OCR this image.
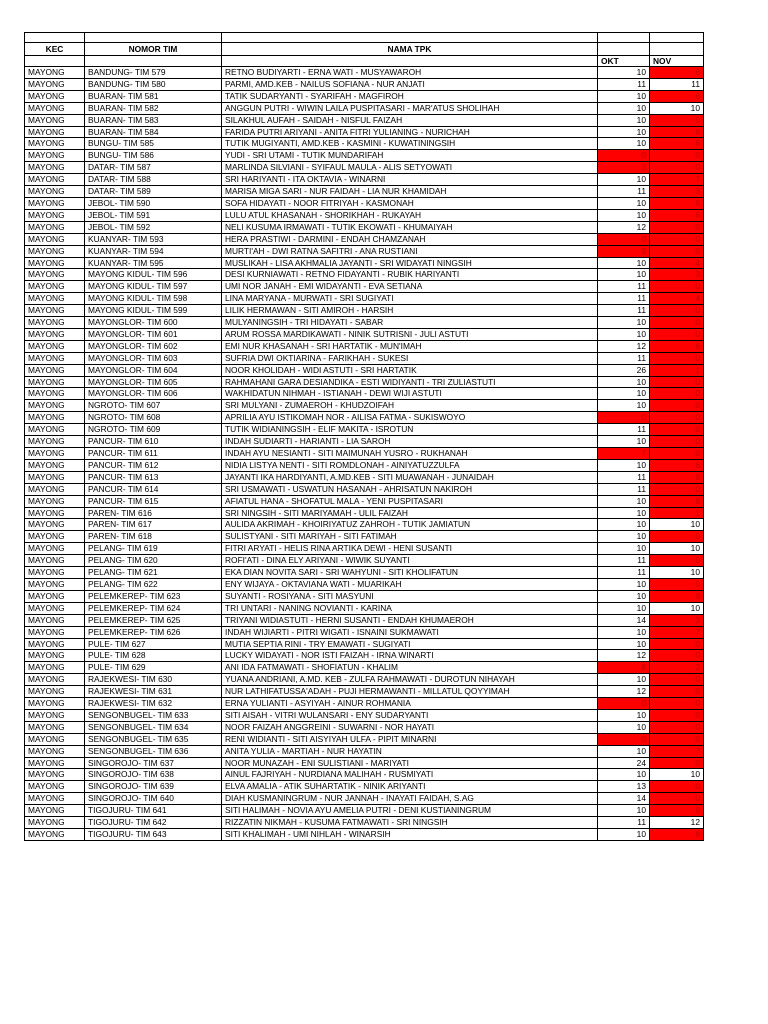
KEC	NOMOR TIM	NAMA TPK		
			OKT	NOV
MAYONG	BANDUNG- TIM 579	RETNO BUDIYARTI - ERNA WATI - MUSYAWAROH	10	6
MAYONG	BANDUNG- TIM 580	PARMI, AMD.KEB - NAILUS SOFIANA - NUR ANJATI	11	11
MAYONG	BUARAN- TIM 581	TATIK SUDARYANTI - SYARIFAH - MAGFIROH	10	6
MAYONG	BUARAN- TIM 582	ANGGUN PUTRI - WIWIN LAILA PUSPITASARI - MAR'ATUS SHOLIHAH	10	10
MAYONG	BUARAN- TIM 583	SILAKHUL AUFAH - SAIDAH - NISFUL FAIZAH	10	0
MAYONG	BUARAN- TIM 584	FARIDA PUTRI ARIYANI - ANITA FITRI YULIANING - NURICHAH	10	6
MAYONG	BUNGU- TIM 585	TUTIK MUGIYANTI, AMD.KEB - KASMINI - KUWATININGSIH	10	6
MAYONG	BUNGU- TIM 586	YUDI - SRI UTAMI - TUTIK MUNDARIFAH	0	0
MAYONG	DATAR- TIM 587	MARLINDA SILVIANI - SYIFAUL MAULA - ALIS SETYOWATI	3	0
MAYONG	DATAR- TIM 588	SRI HARIYANTI - ITA OKTAVIA - WINARNI	10	7
MAYONG	DATAR- TIM 589	MARISA MIGA SARI - NUR FAIDAH - LIA NUR KHAMIDAH	11	3
MAYONG	JEBOL- TIM 590	SOFA HIDAYATI - NOOR FITRIYAH - KASMONAH	10	6
MAYONG	JEBOL- TIM 591	LULU ATUL KHASANAH - SHORIKHAH - RUKAYAH	10	6
MAYONG	JEBOL- TIM 592	NELI KUSUMA IRMAWATI - TUTIK EKOWATI - KHUMAIYAH	12	0
MAYONG	KUANYAR- TIM 593	HERA PRASTIWI - DARMINI - ENDAH CHAMZANAH	0	0
MAYONG	KUANYAR- TIM 594	MURTI'AH - DWI RATNA SAFITRI - ANA RUSTIANI	9	0
MAYONG	KUANYAR- TIM 595	MUSLIKAH - LISA AKHMALIA JAYANTI - SRI WIDAYATI NINGSIH	10	4
MAYONG	MAYONG KIDUL- TIM 596	DESI KURNIAWATI - RETNO FIDAYANTI - RUBIK HARIYANTI	10	3
MAYONG	MAYONG KIDUL- TIM 597	UMI NOR JANAH - EMI WIDAYANTI - EVA SETIANA	11	0
MAYONG	MAYONG KIDUL- TIM 598	LINA MARYANA - MURWATI - SRI SUGIYATI	11	4
MAYONG	MAYONG KIDUL- TIM 599	LILIK HERMAWAN - SITI AMIROH - HARSIH	11	0
MAYONG	MAYONGLOR- TIM 600	MULYANINGSIH - TRI HIDAYATI - SABAR	10	0
MAYONG	MAYONGLOR- TIM 601	ARUM ROSSA MARDIKAWATI - NINIK SUTRISNI - JULI ASTUTI	10	0
MAYONG	MAYONGLOR- TIM 602	EMI NUR KHASANAH - SRI HARTATIK - MUN'IMAH	12	6
MAYONG	MAYONGLOR- TIM 603	SUFRIA DWI OKTIARINA - FARIKHAH - SUKESI	11	0
MAYONG	MAYONGLOR- TIM 604	NOOR KHOLIDAH - WIDI ASTUTI - SRI HARTATIK	26	1
MAYONG	MAYONGLOR- TIM 605	RAHMAHANI GARA DESIANDIKA - ESTI WIDIYANTI - TRI ZULIASTUTI	10	0
MAYONG	MAYONGLOR- TIM 606	WAKHIDATUN NIHMAH - ISTIANAH - DEWI WIJI ASTUTI	10	0
MAYONG	NGROTO- TIM 607	SRI MULYANI - ZUMAEROH - KHUDZOIFAH	10	0
MAYONG	NGROTO- TIM 608	APRILIA AYU ISTIKOMAH NOR - AILISA FATMA - SUKISWOYO	0	0
MAYONG	NGROTO- TIM 609	TUTIK WIDIANINGSIH - ELIF MAKITA - ISROTUN	11	0
MAYONG	PANCUR- TIM 610	INDAH SUDIARTI - HARIANTI - LIA SAROH	10	0
MAYONG	PANCUR- TIM 611	INDAH AYU NESIANTI - SITI MAIMUNAH YUSRO - RUKHANAH	7	0
MAYONG	PANCUR- TIM 612	NIDIA LISTYA NENTI - SITI ROMDLONAH - AINIYATUZZULFA	10	6
MAYONG	PANCUR- TIM 613	JAYANTI IKA HARDIYANTI, A.MD.KEB - SITI MUAWANAH - JUNAIDAH	11	8
MAYONG	PANCUR- TIM 614	SRI USMAWATI - USWATUN HASANAH - AHRISATUN NAKIROH	11	0
MAYONG	PANCUR- TIM 615	AFIATUL HANA - SHOFATUL MALA - YENI PUSPITASARI	10	8
MAYONG	PAREN- TIM 616	SRI NINGSIH - SITI MARIYAMAH - ULIL FAIZAH	10	1
MAYONG	PAREN- TIM 617	AULIDA AKRIMAH - KHOIRIYATUZ ZAHROH - TUTIK JAMIATUN	10	10
MAYONG	PAREN- TIM 618	SULISTYANI - SITI MARIYAH - SITI FATIMAH	10	0
MAYONG	PELANG- TIM 619	FITRI ARYATI - HELIS RINA ARTIKA DEWI - HENI SUSANTI	10	10
MAYONG	PELANG- TIM 620	ROFI'ATI - DINA ELY ARIYANI - WIWIK SUYANTI	11	0
MAYONG	PELANG- TIM 621	EKA DIAN NOVITA SARI - SRI WAHYUNI - SITI KHOLIFATUN	11	10
MAYONG	PELANG- TIM 622	ENY WIJAYA - OKTAVIANA WATI - MUARIKAH	10	0
MAYONG	PELEMKEREP- TIM 623	SUYANTI - ROSIYANA - SITI MASYUNI	10	9
MAYONG	PELEMKEREP- TIM 624	TRI UNTARI - NANING NOVIANTI - KARINA	10	10
MAYONG	PELEMKEREP- TIM 625	TRIYANI WIDIASTUTI - HERNI SUSANTI - ENDAH KHUMAEROH	14	3
MAYONG	PELEMKEREP- TIM 626	INDAH WIJIARTI - PITRI WIGATI - ISNAINI SUKMAWATI	10	7
MAYONG	PULE- TIM 627	MUTIA SEPTIA RINI - TRY EMAWATI - SUGIYATI	10	0
MAYONG	PULE- TIM 628	LUCKY WIDAYATI - NOR ISTI FAIZAH - IRNA WINARTI	12	0
MAYONG	PULE- TIM 629	ANI IDA FATMAWATI - SHOFIATUN - KHALIM	8	2
MAYONG	RAJEKWESI- TIM 630	YUANA ANDRIANI, A.MD. KEB - ZULFA RAHMAWATI - DUROTUN NIHAYAH	10	0
MAYONG	RAJEKWESI- TIM 631	NUR LATHIFATUSSA'ADAH - PUJI HERMAWANTI - MILLATUL QOYYIMAH	12	0
MAYONG	RAJEKWESI- TIM 632	ERNA YULIANTI - ASYIYAH - AINUR ROHMANIA	0	0
MAYONG	SENGONBUGEL- TIM 633	SITI AISAH - VITRI WULANSARI - ENY SUDARYANTI	10	0
MAYONG	SENGONBUGEL- TIM 634	NOOR FAIZAH ANGGREINI - SUWARNI - NOR HAYATI	10	0
MAYONG	SENGONBUGEL- TIM 635	RENI WIDIANTI - SITI AISYIYAH ULFA - PIPIT MINARNI	0	0
MAYONG	SENGONBUGEL- TIM 636	ANITA YULIA - MARTIAH - NUR HAYATIN	10	7
MAYONG	SINGOROJO- TIM 637	NOOR MUNAZAH - ENI SULISTIANI - MARIYATI	24	0
MAYONG	SINGOROJO- TIM 638	AINUL FAJRIYAH - NURDIANA MALIHAH - RUSMIYATI	10	10
MAYONG	SINGOROJO- TIM 639	ELVA AMALIA - ATIK SUHARTATIK - NINIK ARIYANTI	13	0
MAYONG	SINGOROJO- TIM 640	DIAH KUSMANINGRUM - NUR JANNAH - INAYATI FAIDAH, S.AG	14	0
MAYONG	TIGOJURU- TIM 641	SITI HALIMAH - NOVIA AYU AMELIA PUTRI - DENI KUSTIANINGRUM	10	9
MAYONG	TIGOJURU- TIM 642	RIZZATIN NIKMAH - KUSUMA FATMAWATI - SRI NINGSIH	11	12
MAYONG	TIGOJURU- TIM 643	SITI KHALIMAH - UMI NIHLAH - WINARSIH	10	8
